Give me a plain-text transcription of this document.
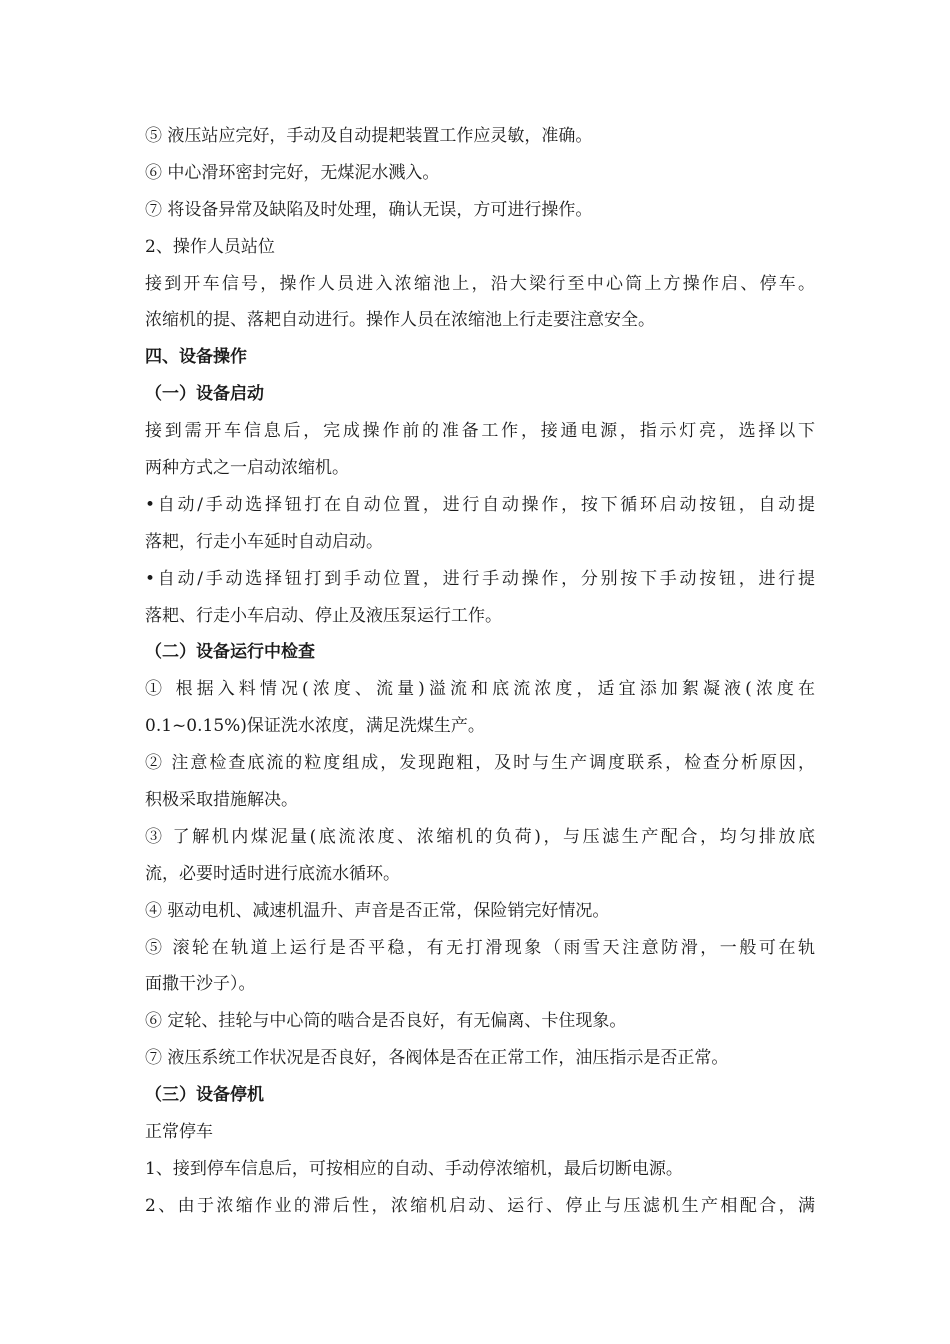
⑤ 液压站应完好，手动及自动提耙装置工作应灵敏，准确。
⑥ 中心滑环密封完好，无煤泥水溅入。
⑦ 将设备异常及缺陷及时处理，确认无误，方可进行操作。
2、操作人员站位
接到开车信号，操作人员进入浓缩池上，沿大梁行至中心筒上方操作启、停车。
浓缩机的提、落耙自动进行。操作人员在浓缩池上行走要注意安全。
四、设备操作
（一）设备启动
接到需开车信息后，完成操作前的准备工作，接通电源，指示灯亮，选择以下
两种方式之一启动浓缩机。
•自动/手动选择钮打在自动位置，进行自动操作，按下循环启动按钮，自动提
落耙，行走小车延时自动启动。
•自动/手动选择钮打到手动位置，进行手动操作，分别按下手动按钮，进行提
落耙、行走小车启动、停止及液压泵运行工作。
（二）设备运行中检查
① 根据入料情况(浓度、流量)溢流和底流浓度，适宜添加絮凝液(浓度在
0.1~0.15%)保证洗水浓度，满足洗煤生产。
② 注意检查底流的粒度组成，发现跑粗，及时与生产调度联系，检查分析原因，
积极采取措施解决。
③ 了解机内煤泥量(底流浓度、浓缩机的负荷)，与压滤生产配合，均匀排放底
流，必要时适时进行底流水循环。
④ 驱动电机、减速机温升、声音是否正常，保险销完好情况。
⑤ 滚轮在轨道上运行是否平稳，有无打滑现象（雨雪天注意防滑，一般可在轨
面撒干沙子）。
⑥ 定轮、挂轮与中心筒的啮合是否良好，有无偏离、卡住现象。
⑦ 液压系统工作状况是否良好，各阀体是否在正常工作，油压指示是否正常。
（三）设备停机
正常停车
1、接到停车信息后，可按相应的自动、手动停浓缩机，最后切断电源。
2、由于浓缩作业的滞后性，浓缩机启动、运行、停止与压滤机生产相配合，满
